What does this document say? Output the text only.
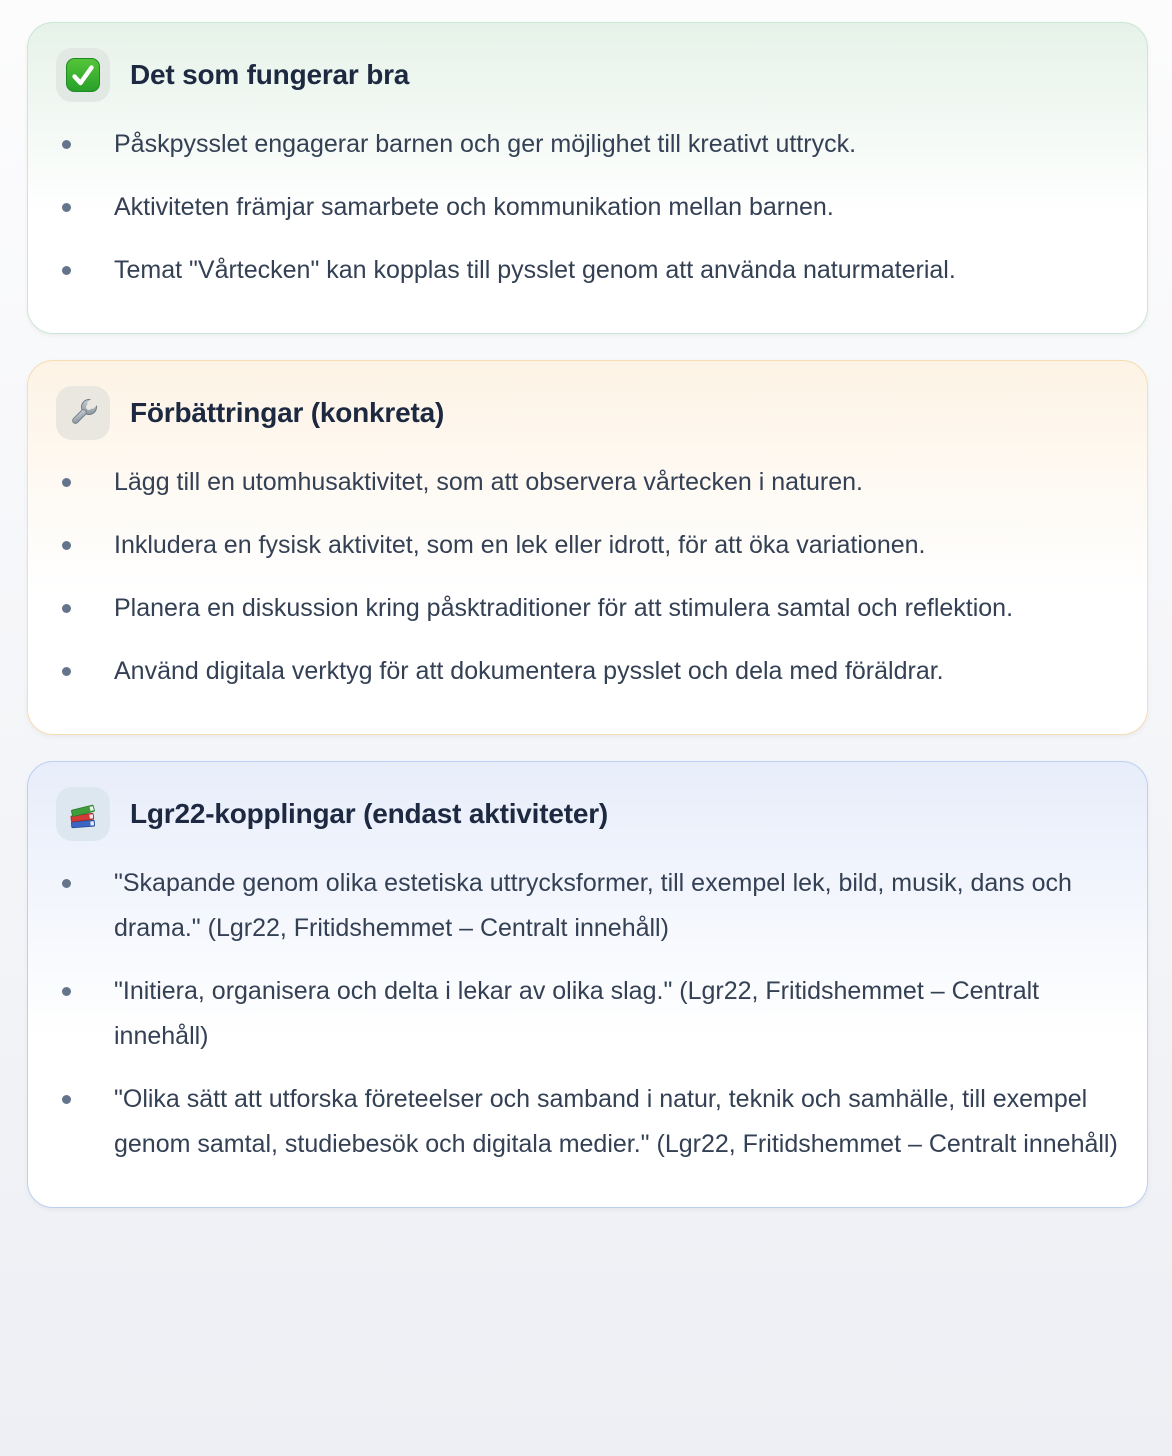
Det som fungerar bra
Påskpysslet engagerar barnen och ger möjlighet till kreativt uttryck.
Aktiviteten främjar samarbete och kommunikation mellan barnen.
Temat "Vårtecken" kan kopplas till pysslet genom att använda naturmaterial.
Förbättringar (konkreta)
Lägg till en utomhusaktivitet, som att observera vårtecken i naturen.
Inkludera en fysisk aktivitet, som en lek eller idrott, för att öka variationen.
Planera en diskussion kring påsktraditioner för att stimulera samtal och reflektion.
Använd digitala verktyg för att dokumentera pysslet och dela med föräldrar.
Lgr22-kopplingar (endast aktiviteter)
"Skapande genom olika estetiska uttrycksformer, till exempel lek, bild, musik, dans och drama." (Lgr22, Fritidshemmet – Centralt innehåll)
"Initiera, organisera och delta i lekar av olika slag." (Lgr22, Fritidshemmet – Centralt innehåll)
"Olika sätt att utforska företeelser och samband i natur, teknik och samhälle, till exempel genom samtal, studiebesök och digitala medier." (Lgr22, Fritidshemmet – Centralt innehåll)
